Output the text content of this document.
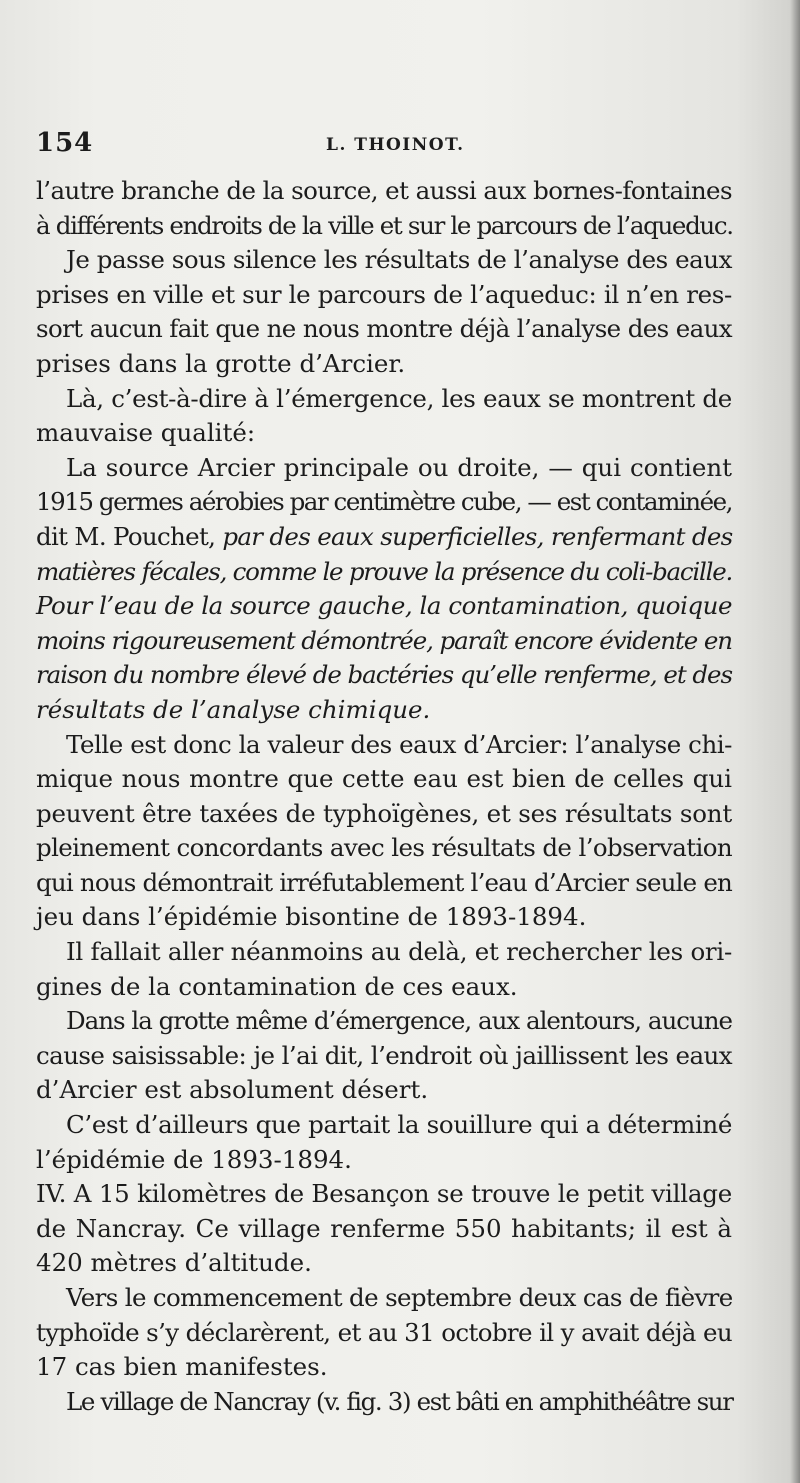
154	L. THOINOT.
l’autre branche de la source, et aussi aux bornes-fontaines
à différents endroits de la ville et sur le parcours de l’aqueduc.
Je passe sous silence les résultats de l’analyse des eaux
prises en ville et sur le parcours de l’aqueduc: il n’en res-
sort aucun fait que ne nous montre déjà l’analyse des eaux
prises dans la grotte d’Arcier.
Là, c’est-à-dire à l’émergence, les eaux se montrent de
mauvaise qualité:
La source Arcier principale ou droite, — qui contient
1915 germes aérobies par centimètre cube, — est contaminée,
dit M. Pouchet, par des eaux superficielles, renfermant des
matières fécales, comme le prouve la présence du coli-bacille.
Pour l’eau de la source gauche, la contamination, quoique
moins rigoureusement démontrée, paraît encore évidente en
raison du nombre élevé de bactéries qu’elle renferme, et des
résultats de l’analyse chimique.
Telle est donc la valeur des eaux d’Arcier: l’analyse chi-
mique nous montre que cette eau est bien de celles qui
peuvent être taxées de typhoïgènes, et ses résultats sont
pleinement concordants avec les résultats de l’observation
qui nous démontrait irréfutablement l’eau d’Arcier seule en
jeu dans l’épidémie bisontine de 1893-1894.
Il fallait aller néanmoins au delà, et rechercher les ori-
gines de la contamination de ces eaux.
Dans la grotte même d’émergence, aux alentours, aucune
cause saisissable: je l’ai dit, l’endroit où jaillissent les eaux
d’Arcier est absolument désert.
C’est d’ailleurs que partait la souillure qui a déterminé
l’épidémie de 1893-1894.
IV. A 15 kilomètres de Besançon se trouve le petit village
de Nancray. Ce village renferme 550 habitants; il est à
420 mètres d’altitude.
Vers le commencement de septembre deux cas de fièvre
typhoïde s’y déclarèrent, et au 31 octobre il y avait déjà eu
17 cas bien manifestes.
Le village de Nancray (v. fig. 3) est bâti en amphithéâtre sur
